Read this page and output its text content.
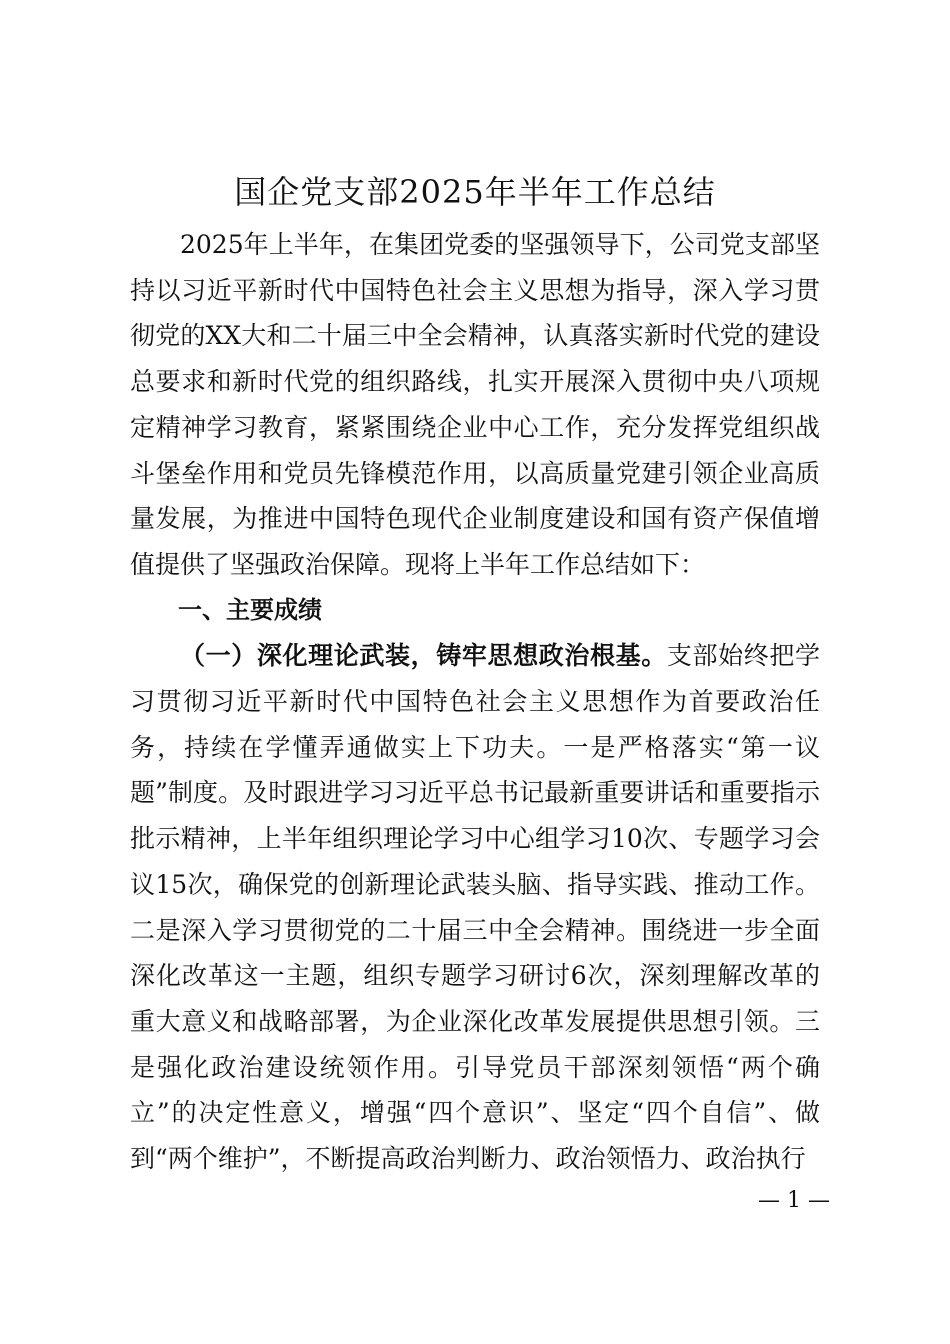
国企党支部2025年半年工作总结

2025年上半年，在集团党委的坚强领导下，公司党支部坚持以习近平新时代中国特色社会主义思想为指导，深入学习贯彻党的XX大和二十届三中全会精神，认真落实新时代党的建设总要求和新时代党的组织路线，扎实开展深入贯彻中央八项规定精神学习教育，紧紧围绕企业中心工作，充分发挥党组织战斗堡垒作用和党员先锋模范作用，以高质量党建引领企业高质量发展，为推进中国特色现代企业制度建设和国有资产保值增值提供了坚强政治保障。现将上半年工作总结如下：

一、主要成绩

（一）深化理论武装，铸牢思想政治根基。支部始终把学习贯彻习近平新时代中国特色社会主义思想作为首要政治任务，持续在学懂弄通做实上下功夫。一是严格落实“第一议题”制度。及时跟进学习习近平总书记最新重要讲话和重要指示批示精神，上半年组织理论学习中心组学习10次、专题学习会议15次，确保党的创新理论武装头脑、指导实践、推动工作。二是深入学习贯彻党的二十届三中全会精神。围绕进一步全面深化改革这一主题，组织专题学习研讨6次，深刻理解改革的重大意义和战略部署，为企业深化改革发展提供思想引领。三是强化政治建设统领作用。引导党员干部深刻领悟“两个确立”的决定性意义，增强“四个意识”、坚定“四个自信”、做到“两个维护”，不断提高政治判断力、政治领悟力、政治执行

— 1 —
